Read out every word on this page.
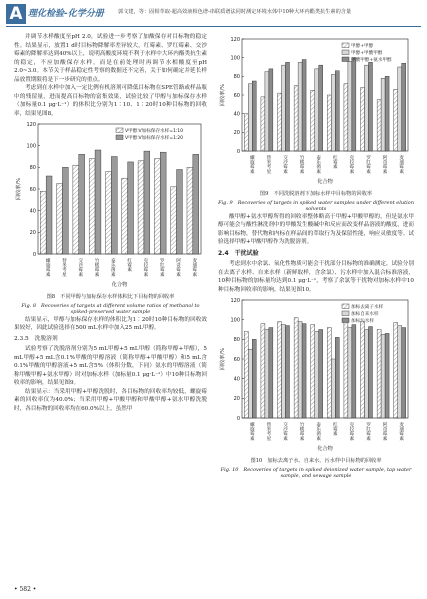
A 理化检验-化学分册	郭文建，等：固相萃取-超高效液相色谱-串联质谱法同时测定环境水体中10种大环内酯类抗生素的含量

并调节水样酸度至pH 2.0，试验进一步考察了加酸保存对目标物的稳定性。结果显示，放置1 d时目标物降解率差异较大，红霉素、罗红霉素、交沙霉素的降解率达到40%以上，说明高酸度环境不利于水样中大环内酯类抗生素的稳定，不应加酸保存水样，而是在前处理时再调节水相酸度至pH 2.0~3.0。本节关于样品稳定性考察的数据还不完善，关于如何确定并延长样品放置期限将是下一步研究的重点。

考虑到在水样中加入一定比例有机溶剂可降低目标物在SPE管路或样品瓶中的残留量，进而提高目标物的富集效果，试验比较了甲醇与加标保存水样（加标量0.1 μg·L⁻¹）的体积比分别为1∶10、1∶20时10种目标物的回收率，结果见图8。

0
20
40
60
80
100
120
回收率/%
螺旋霉素 替米考星 交沙霉素 竹桃霉素 泰乐菌素 红霉素 克拉霉素 罗红霉素 阿奇霉素 麦迪霉素
化合物
V甲醇∶V加标保存水样=1∶10
V甲醇∶V加标保存水样=1∶20
图8　不同甲醇与加标保存水样体积比下目标物的回收率
Fig. 8　Recoveries of targets at different volume ratios of methanol to spiked-preserved water sample

结果显示，甲醇与加标保存水样的体积比为1∶20时10种目标物的回收效果较好，因此试验选择在500 mL水样中加入25 mL甲醇。

2.3.5　洗脱溶剂

试验考察了洗脱溶剂分别为5 mL甲醇+5 mL甲醇（简称甲醇+甲醇），5 mL甲醇+5 mL含0.1%甲酸的甲醇溶液（简称甲醇+甲酸甲醇）和5 mL含0.1%甲酸的甲醇溶液+5 mL含5%（体积分数，下同）氨水的甲醇溶液（简称甲酸甲醇+氨水甲醇）时对加标水样（加标量0.1 μg·L⁻¹）中10种目标物回收率的影响，结果见图9。

结果显示：当采用甲醇+甲醇洗脱时，各目标物的回收率均较低，螺旋霉素的回收率仅为40.0%；当采用甲醇+甲酸甲醇和甲酸甲醇+氨水甲醇洗脱时，各目标物的回收率均在60.0%以上，虽然甲

0
20
40
60
80
100
120
回收率/%
螺旋霉素	替米考星	交沙霉素	竹桃霉素	泰乐菌素	红霉素	克拉霉素	罗红霉素	阿奇霉素	麦迪霉素
化合物
甲醇+甲醇
甲醇+甲酸甲醇
甲酸甲醇+氨水甲醇
图9　不同洗脱溶剂下加标水样中目标物的回收率
Fig. 9　Recoveries of targets in spiked water samples under different elution solvents

酸甲醇+氨水甲醇所得的回收率整体略高于甲醇+甲酸甲醇的，但是氨水甲醇可能会与酸性淋洗剂中的甲酸发生酸碱中和反应而改变样品溶液的酸度，进而影响目标物，替代物和内标在样品间的萃取行为及保留性能，响应灵敏度等。试验选择甲醇+甲酸甲醇作为洗脱溶剂。

2.4　干扰试验

考虑到水中余氯、氧化性物质可能会干扰部分目标物的准确测定，试验分别在去离子水样、自来水样（新鲜取样，含余氯）、污水样中加入混合标准溶液，10种目标物的加标量均达到0.1 μg·L⁻¹，考察了余氯等干扰物对加标水样中10种目标物回收率的影响，结果见图10。

0
20
40
60
80
100
120
回收率/%
螺旋霉素	替米考星	交沙霉素	竹桃霉素	泰乐菌素	红霉素	克拉霉素	罗红霉素	阿奇霉素	麦迪霉素
化合物
加标去离子水样
加标自来水样
加标污水样
图10　加标去离子水、自来水、污水样中目标物的回收率
Fig. 10　Recoveries of targets in spiked deionized water sample, tap water sample, and sewage sample
• 582 •
